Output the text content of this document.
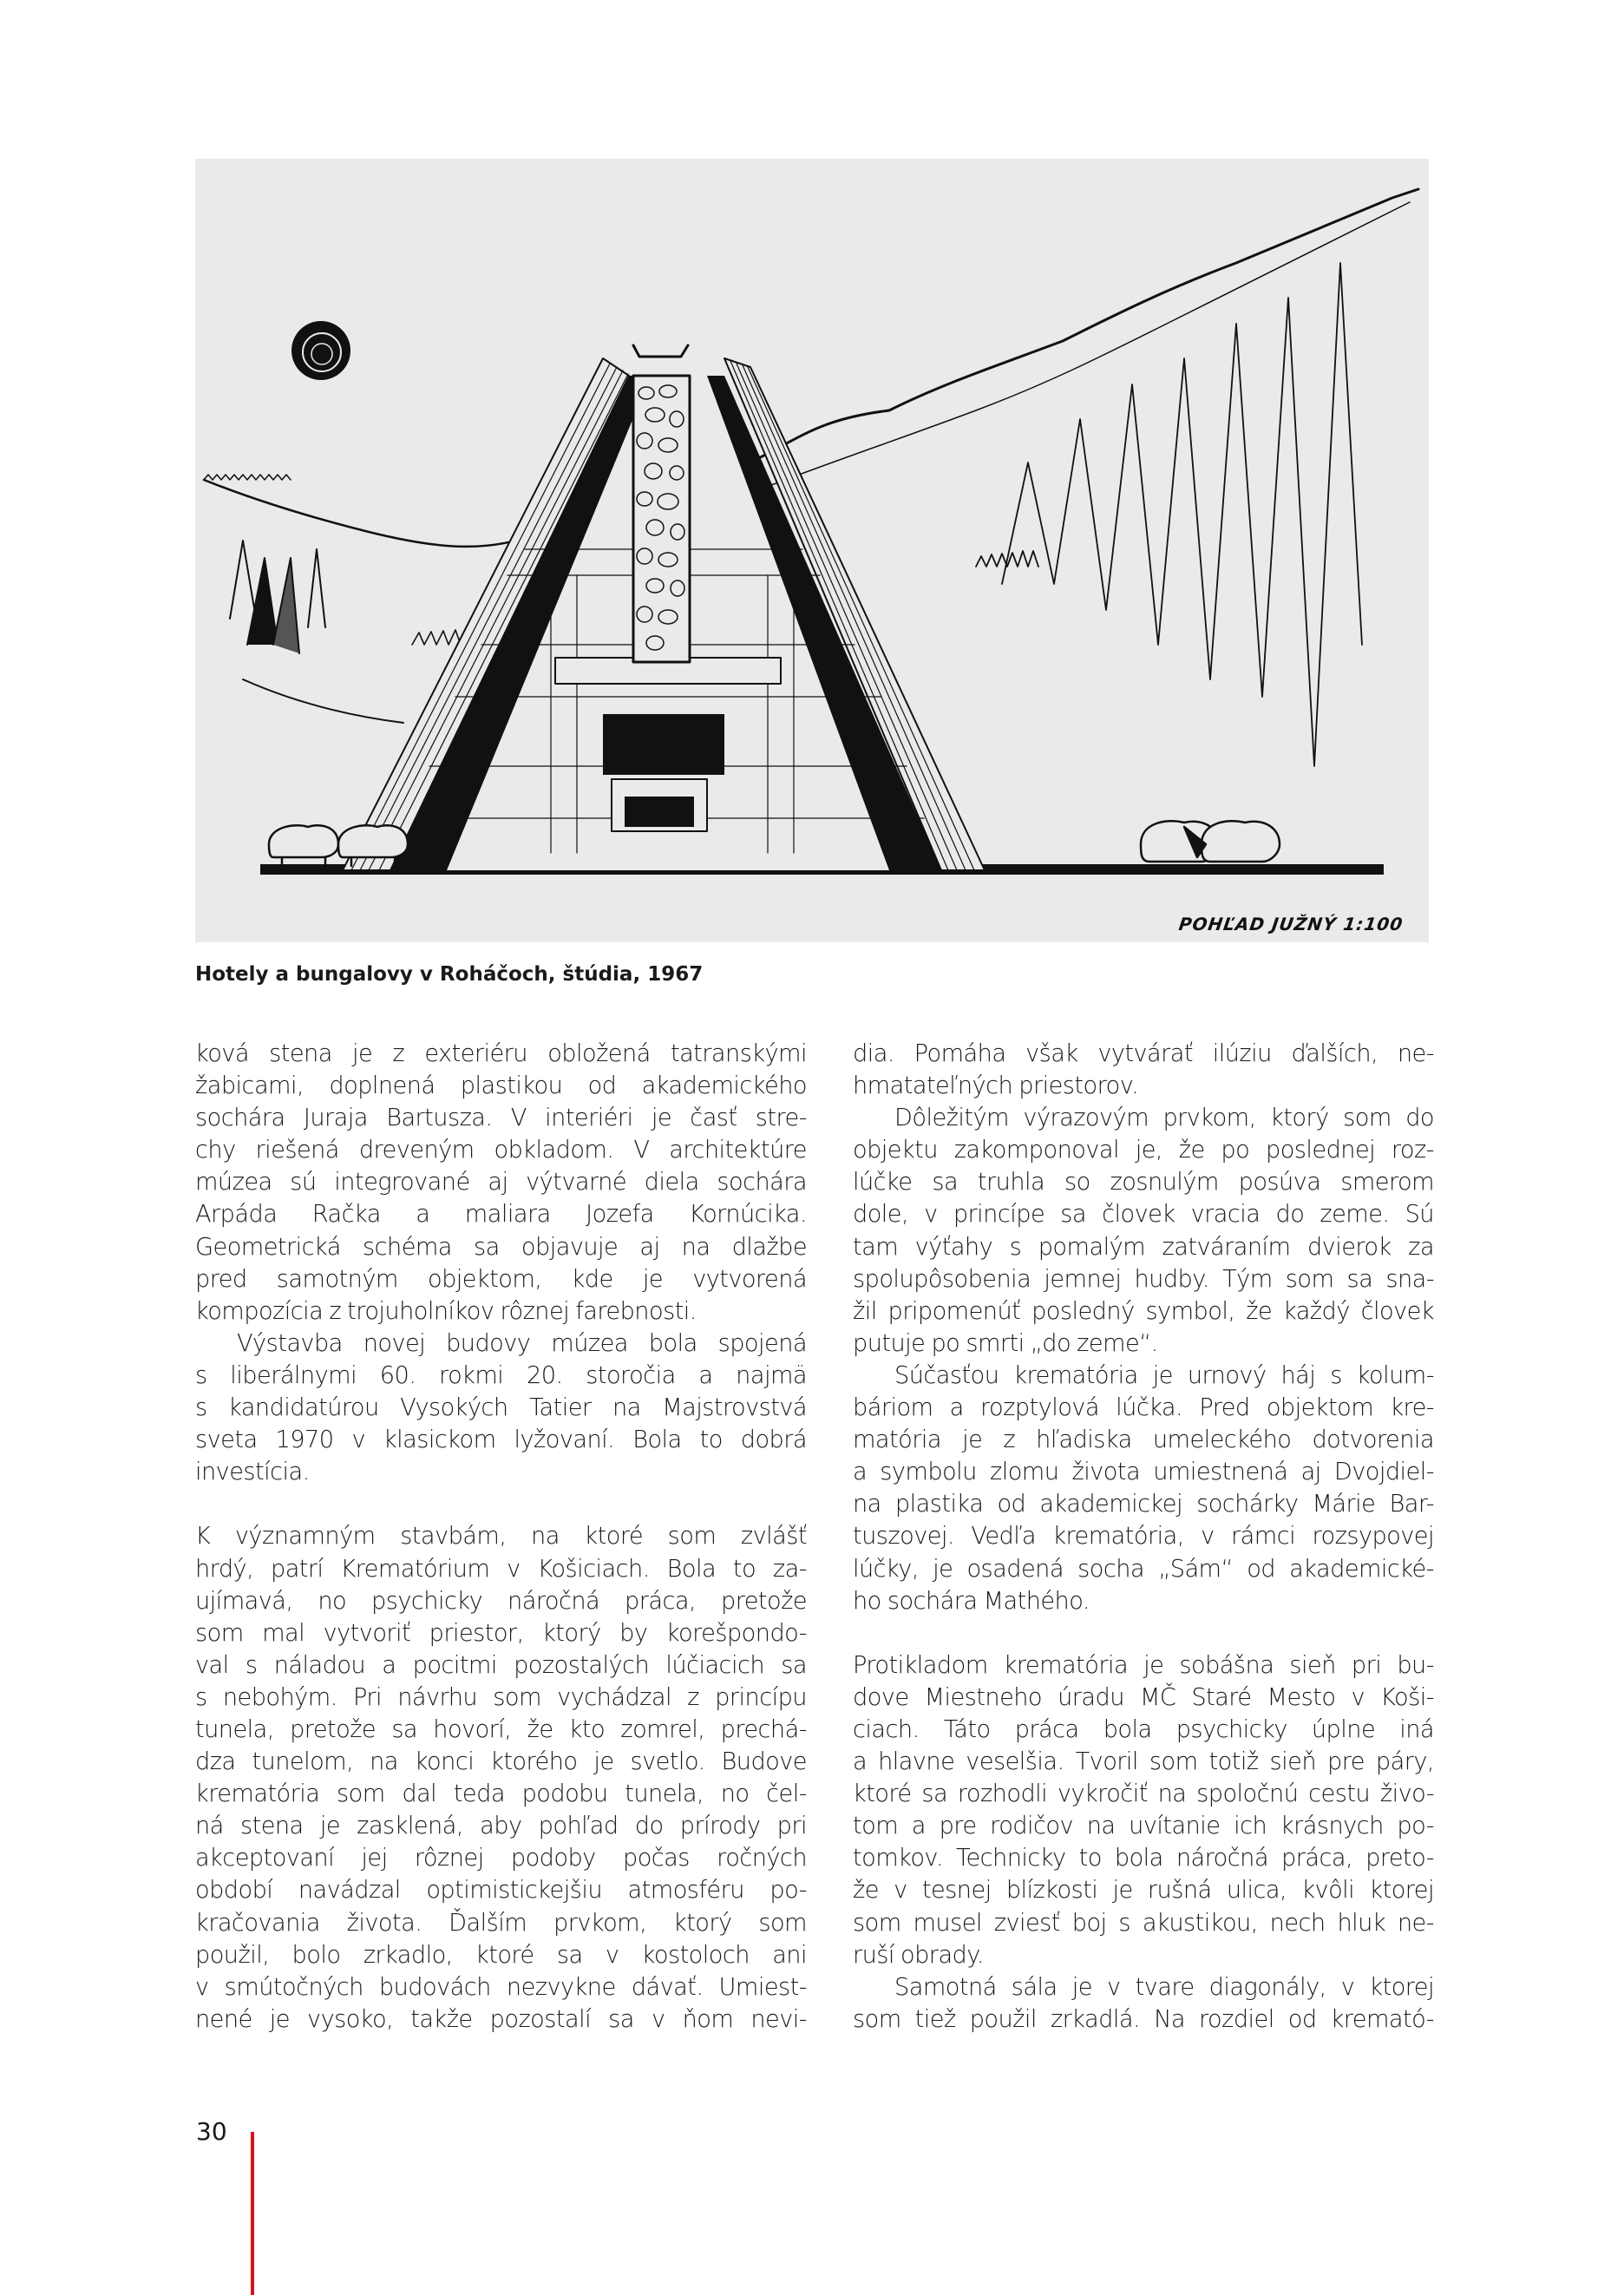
POHĽAD JUŽNÝ 1:100
Hotely a bungalovy v Roháčoch, štúdia, 1967
ková stena je z exteriéru obložená tatranskými
žabicami, doplnená plastikou od akademického
sochára Juraja Bartusza. V interiéri je časť stre-
chy riešená dreveným obkladom. V architektúre
múzea sú integrované aj výtvarné diela sochára
Arpáda Račka a maliara Jozefa Kornúcika.
Geometrická schéma sa objavuje aj na dlažbe
pred samotným objektom, kde je vytvorená
kompozícia z trojuholníkov rôznej farebnosti.
Výstavba novej budovy múzea bola spojená
s liberálnymi 60. rokmi 20. storočia a najmä
s kandidatúrou Vysokých Tatier na Majstrovstvá
sveta 1970 v klasickom lyžovaní. Bola to dobrá
investícia.

K významným stavbám, na ktoré som zvlášť
hrdý, patrí Krematórium v Košiciach. Bola to za-
ujímavá, no psychicky náročná práca, pretože
som mal vytvoriť priestor, ktorý by korešpondo-
val s náladou a pocitmi pozostalých lúčiacich sa
s nebohým. Pri návrhu som vychádzal z princípu
tunela, pretože sa hovorí, že kto zomrel, prechá-
dza tunelom, na konci ktorého je svetlo. Budove
krematória som dal teda podobu tunela, no čel-
ná stena je zasklená, aby pohľad do prírody pri
akceptovaní jej rôznej podoby počas ročných
období navádzal optimistickejšiu atmosféru po-
kračovania života. Ďalším prvkom, ktorý som
použil, bolo zrkadlo, ktoré sa v kostoloch ani
v smútočných budovách nezvykne dávať. Umiest-
nené je vysoko, takže pozostalí sa v ňom nevi-
dia. Pomáha však vytvárať ilúziu ďalších, ne-
hmatateľných priestorov.
Dôležitým výrazovým prvkom, ktorý som do
objektu zakomponoval je, že po poslednej roz-
lúčke sa truhla so zosnulým posúva smerom
dole, v princípe sa človek vracia do zeme. Sú
tam výťahy s pomalým zatváraním dvierok za
spolupôsobenia jemnej hudby. Tým som sa sna-
žil pripomenúť posledný symbol, že každý človek
putuje po smrti „do zeme“.
Súčasťou krematória je urnový háj s kolum-
báriom a rozptylová lúčka. Pred objektom kre-
matória je z hľadiska umeleckého dotvorenia
a symbolu zlomu života umiestnená aj Dvojdiel-
na plastika od akademickej sochárky Márie Bar-
tuszovej. Vedľa krematória, v rámci rozsypovej
lúčky, je osadená socha „Sám“ od akademické-
ho sochára Mathého.

Protikladom krematória je sobášna sieň pri bu-
dove Miestneho úradu MČ Staré Mesto v Koši-
ciach. Táto práca bola psychicky úplne iná
a hlavne veselšia. Tvoril som totiž sieň pre páry,
ktoré sa rozhodli vykročiť na spoločnú cestu živo-
tom a pre rodičov na uvítanie ich krásnych po-
tomkov. Technicky to bola náročná práca, preto-
že v tesnej blízkosti je rušná ulica, kvôli ktorej
som musel zviesť boj s akustikou, nech hluk ne-
ruší obrady.
Samotná sála je v tvare diagonály, v ktorej
som tiež použil zrkadlá. Na rozdiel od kremató-
30
